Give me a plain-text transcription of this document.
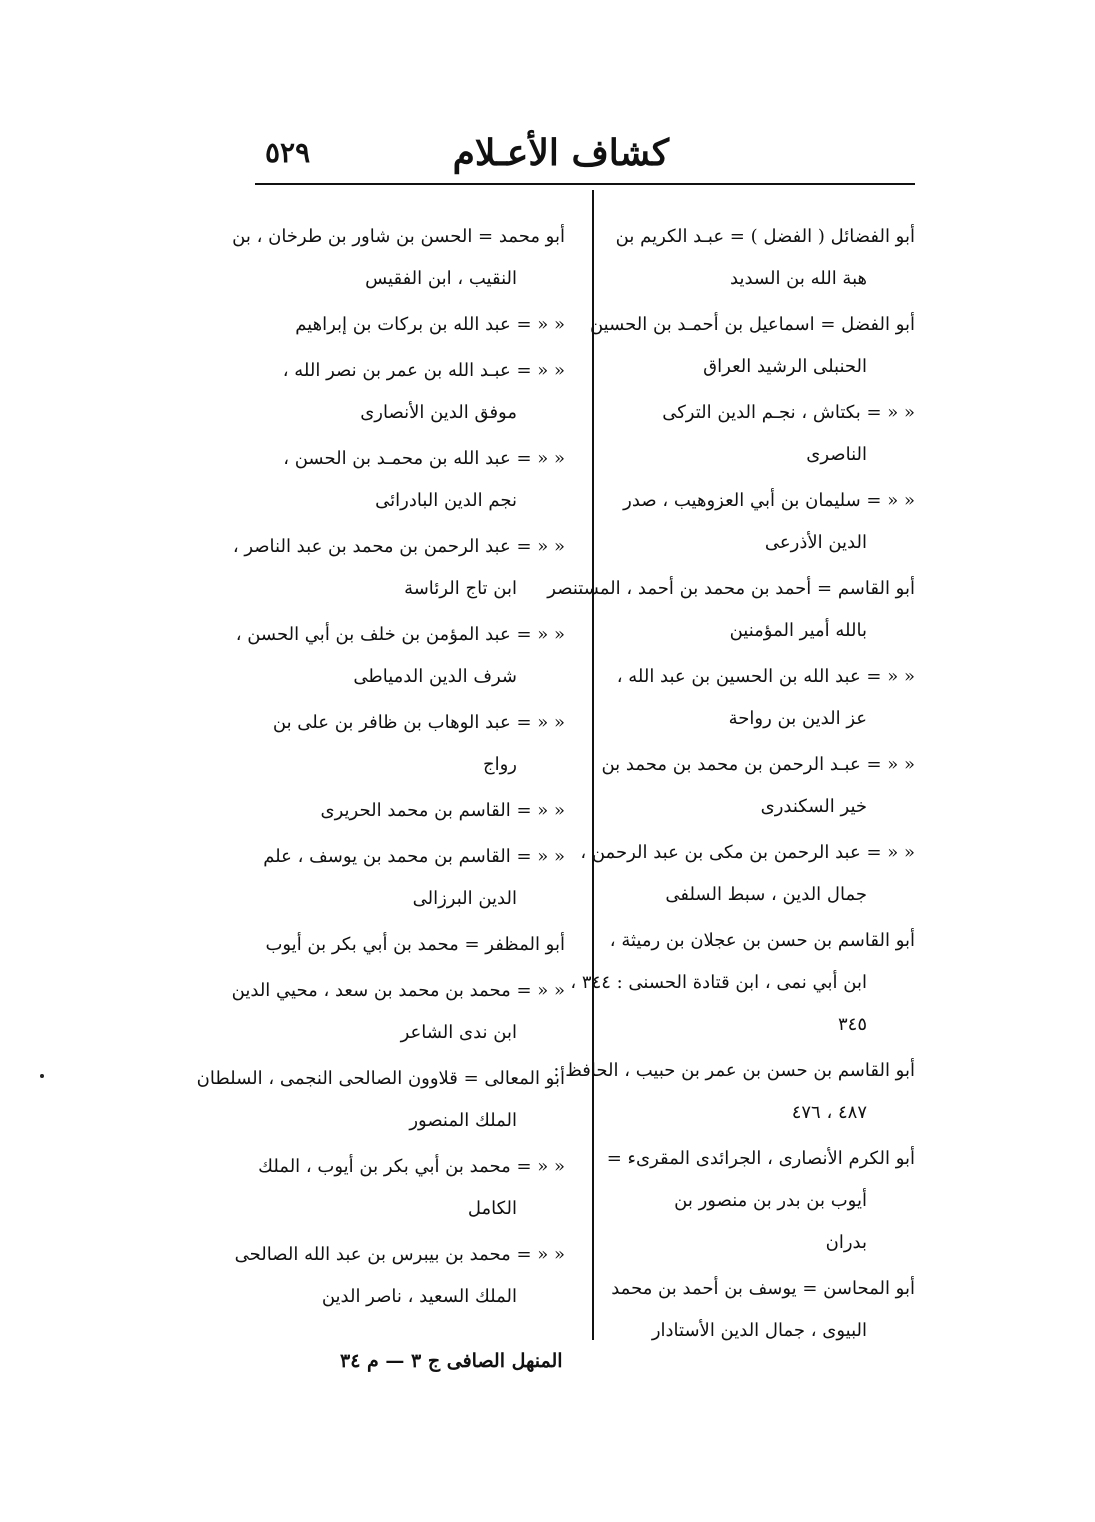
كشاف الأعـلام
٥٢٩
أبو الفضائل ( الفضل ) = عبـد الكريم بن
هبة الله بن السديد
أبو الفضل = اسماعيل بن أحمـد بن الحسين
الحنبلى الرشيد العراق
« « = بكتاش ، نجـم الدين التركى
الناصرى
« « = سليمان بن أبي العزوهيب ، صدر
الدين الأذرعى
أبو القاسم = أحمد بن محمد بن أحمد ، المستنصر
بالله أمير المؤمنين
« « = عبد الله بن الحسين بن عبد الله ،
عز الدين بن رواحة
« « = عبـد الرحمن بن محمد بن محمد بن
خير السكندرى
« « = عبد الرحمن بن مكى بن عبد الرحمن ،
جمال الدين ، سبط السلفى
أبو القاسم بن حسن بن عجلان بن رميثة ،
ابن أبي نمى ، ابن قتادة الحسنى : ٣٤٤ ،
٣٤٥
أبو القاسم بن حسن بن عمر بن حبيب ، الحافظ :
٤٨٧ ، ٤٧٦
أبو الكرم الأنصارى ، الجرائدى المقرىء =
أيوب بن بدر بن منصور بن
بدران
أبو المحاسن = يوسف بن أحمد بن محمد
البيوى ، جمال الدين الأستادار
أبو محمد = الحسن بن شاور بن طرخان ، بن
النقيب ، ابن الفقيس
« « = عبد الله بن بركات بن إبراهيم
« « = عبـد الله بن عمر بن نصر الله ،
موفق الدين الأنصارى
« « = عبد الله بن محمـد بن الحسن ،
نجم الدين البادرائى
« « = عبد الرحمن بن محمد بن عبد الناصر ،
ابن تاج الرئاسة
« « = عبد المؤمن بن خلف بن أبي الحسن ،
شرف الدين الدمياطى
« « = عبد الوهاب بن ظافر بن على بن
رواج
« « = القاسم بن محمد الحريرى
« « = القاسم بن محمد بن يوسف ، علم
الدين البرزالى
أبو المظفر = محمد بن أبي بكر بن أيوب
« « = محمد بن محمد بن سعد ، محيي الدين
ابن ندى الشاعر
أبو المعالى = قلاوون الصالحى النجمى ، السلطان
الملك المنصور
« « = محمد بن أبي بكر بن أيوب ، الملك
الكامل
« « = محمد بن بيبرس بن عبد الله الصالحى
الملك السعيد ، ناصر الدين
المنهل الصافى ج ٣ — م ٣٤
